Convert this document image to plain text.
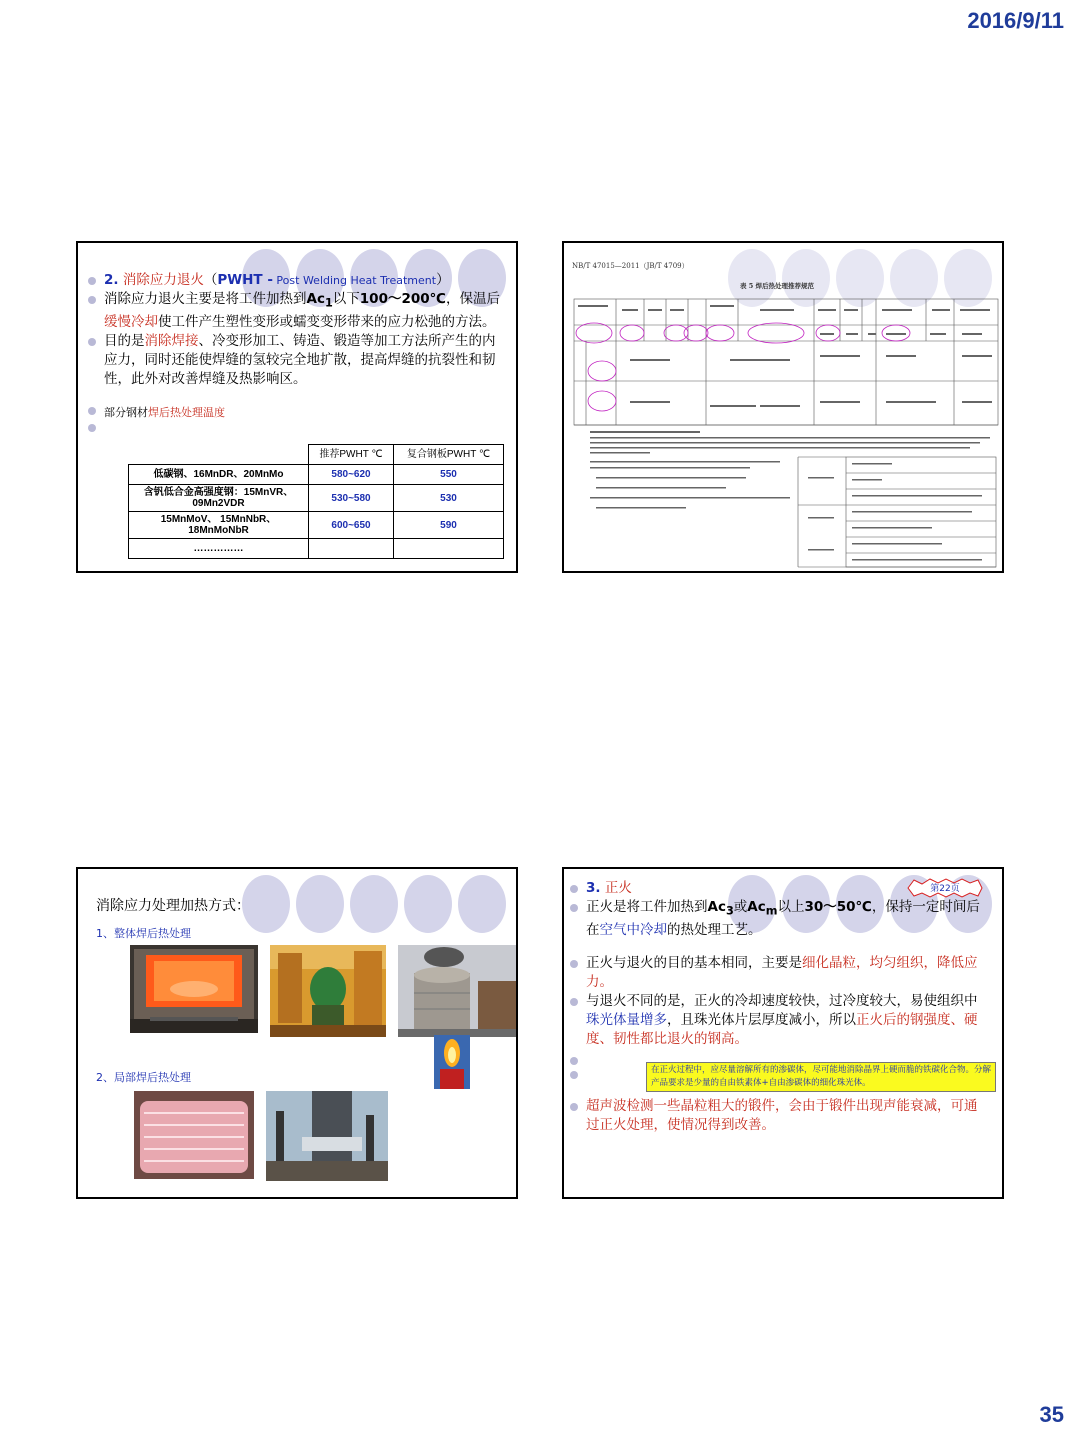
2016/9/11
2. 消除应力退火（PWHT - Post Welding Heat Treatment）
消除应力退火主要是将工件加热到$Ac_1$以下100～200℃，保温后缓慢冷却使工件产生塑性变形或蠕变变形带来的应力松弛的方法。
目的是消除焊接、冷变形加工、铸造、锻造等加工方法所产生的内应力，同时还能使焊缝的氢较完全地扩散，提高焊缝的抗裂性和韧性，此外对改善焊缝及热影响区。
部分钢材焊后热处理温度
	推荐PWHT ℃	复合钢板PWHT ℃
低碳钢、16MnDR、20MnMo	580~620	550
含钒低合金高强度钢：15MnVR、09Mn2VDR	530~580	530
15MnMoV、 15MnNbR、18MnMoNbR	600~650	590
……………		
NB/T 47015—2011（JB/T 4709）
表 5 焊后热处理推荐规范
消除应力处理加热方式：
1、整体焊后热处理
2、局部焊后热处理
第22页
3. 正火
正火是将工件加热到$Ac_3$或$Ac_m$以上30～50℃，保持一定时间后在空气中冷却的热处理工艺。
正火与退火的目的基本相同，主要是细化晶粒，均匀组织，降低应力。
与退火不同的是，正火的冷却速度较快，过冷度较大，易使组织中珠光体量增多，且珠光体片层厚度减小，所以正火后的钢强度、硬度、韧性都比退火的钢高。
超声波检测一些晶粒粗大的锻件，会由于锻件出现声能衰减，可通过正火处理，使情况得到改善。
在正火过程中，应尽量溶解所有的渗碳体，尽可能地消除晶界上硬而脆的铁碳化合物。分解产品要求是少量的自由铁素体+自由渗碳体的细化珠光体。
35
